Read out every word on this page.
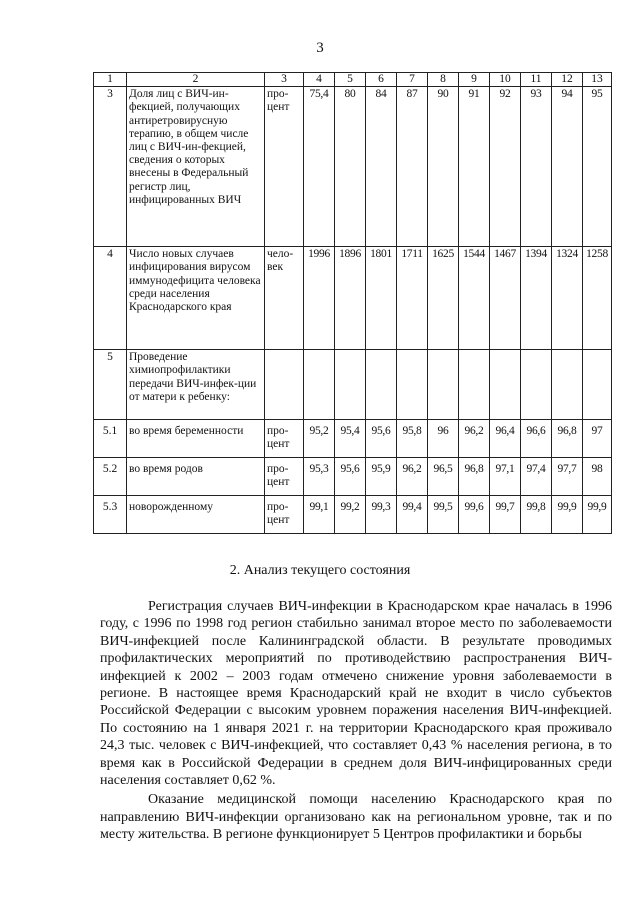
3
1	2	3	4	5	6	7	8	9	10	11	12	13
3	Доля лиц с ВИЧ-ин-фекцией, получающих антиретровирусную терапию, в общем числе лиц с ВИЧ-ин-фекцией, сведения о которых внесены в Федеральный регистр лиц, инфицированных ВИЧ	про-цент	75,4	80	84	87	90	91	92	93	94	95
4	Число новых случаев инфицирования вирусом иммунодефицита человека среди населения Краснодарского края	чело-век	1996	1896	1801	1711	1625	1544	1467	1394	1324	1258
5	Проведение химиопрофилактики передачи ВИЧ-инфек-ции от матери к ребенку:											
5.1	во время беременности	про-цент	95,2	95,4	95,6	95,8	96	96,2	96,4	96,6	96,8	97
5.2	во время родов	про-цент	95,3	95,6	95,9	96,2	96,5	96,8	97,1	97,4	97,7	98
5.3	новорожденному	про-цент	99,1	99,2	99,3	99,4	99,5	99,6	99,7	99,8	99,9	99,9
2. Анализ текущего состояния

Регистрация случаев ВИЧ-инфекции в Краснодарском крае началась в 1996 году, с 1996 по 1998 год регион стабильно занимал второе место по заболеваемости ВИЧ-инфекцией после Калининградской области. В результате проводимых профилактических мероприятий по противодействию распространения ВИЧ-инфекцией к 2002 – 2003 годам отмечено снижение уровня заболеваемости в регионе. В настоящее время Краснодарский край не входит в число субъектов Российской Федерации с высоким уровнем поражения населения ВИЧ-инфекцией. По состоянию на 1 января 2021 г. на территории Краснодарского края проживало 24,3 тыс. человек с ВИЧ-инфекцией, что составляет 0,43 % населения региона, в то время как в Российской Федерации в среднем доля ВИЧ-инфицированных среди населения составляет 0,62 %.

Оказание медицинской помощи населению Краснодарского края по направлению ВИЧ-инфекции организовано как на региональном уровне, так и по месту жительства. В регионе функционирует 5 Центров профилактики и борьбы
